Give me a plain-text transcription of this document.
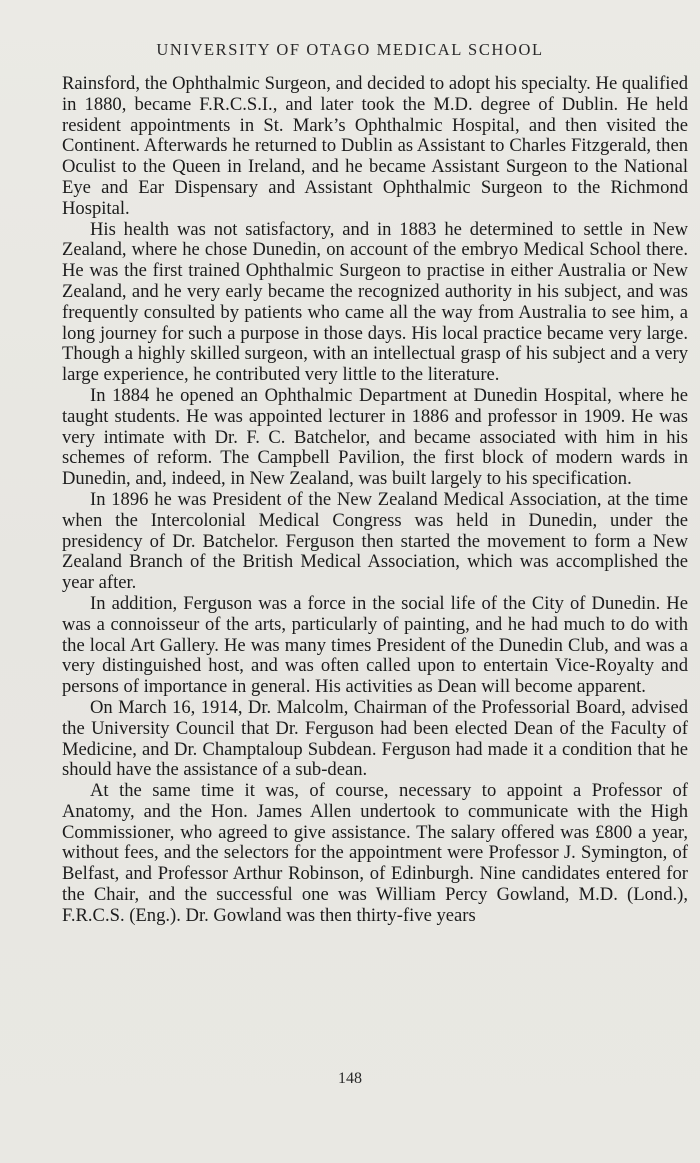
UNIVERSITY OF OTAGO MEDICAL SCHOOL

Rainsford, the Ophthalmic Surgeon, and decided to adopt his specialty. He qualified in 1880, became F.R.C.S.I., and later took the M.D. degree of Dublin. He held resident appointments in St. Mark’s Ophthalmic Hospital, and then visited the Continent. Afterwards he returned to Dublin as Assistant to Charles Fitzgerald, then Oculist to the Queen in Ireland, and he became Assistant Surgeon to the National Eye and Ear Dispensary and Assistant Ophthalmic Surgeon to the Richmond Hospital.

His health was not satisfactory, and in 1883 he determined to settle in New Zealand, where he chose Dunedin, on account of the embryo Medical School there. He was the first trained Ophthalmic Surgeon to practise in either Australia or New Zealand, and he very early became the recognized authority in his subject, and was frequently consulted by patients who came all the way from Australia to see him, a long journey for such a purpose in those days. His local practice became very large. Though a highly skilled surgeon, with an intellectual grasp of his subject and a very large experience, he contributed very little to the literature.

In 1884 he opened an Ophthalmic Department at Dunedin Hospital, where he taught students. He was appointed lecturer in 1886 and professor in 1909. He was very intimate with Dr. F. C. Batchelor, and became associated with him in his schemes of reform. The Campbell Pavilion, the first block of modern wards in Dunedin, and, indeed, in New Zealand, was built largely to his specification.

In 1896 he was President of the New Zealand Medical Association, at the time when the Intercolonial Medical Congress was held in Dunedin, under the presidency of Dr. Batchelor. Ferguson then started the movement to form a New Zealand Branch of the British Medical Association, which was accomplished the year after.

In addition, Ferguson was a force in the social life of the City of Dunedin. He was a connoisseur of the arts, particularly of painting, and he had much to do with the local Art Gallery. He was many times President of the Dunedin Club, and was a very distinguished host, and was often called upon to entertain Vice-Royalty and persons of importance in general. His activities as Dean will become apparent.

On March 16, 1914, Dr. Malcolm, Chairman of the Professorial Board, advised the University Council that Dr. Ferguson had been elected Dean of the Faculty of Medicine, and Dr. Champtaloup Subdean. Ferguson had made it a condition that he should have the assistance of a sub-dean.

At the same time it was, of course, necessary to appoint a Professor of Anatomy, and the Hon. James Allen undertook to communicate with the High Commissioner, who agreed to give assistance. The salary offered was £800 a year, without fees, and the selectors for the appointment were Professor J. Symington, of Belfast, and Professor Arthur Robinson, of Edinburgh. Nine candidates entered for the Chair, and the successful one was William Percy Gowland, M.D. (Lond.), F.R.C.S. (Eng.). Dr. Gowland was then thirty-five years

148
